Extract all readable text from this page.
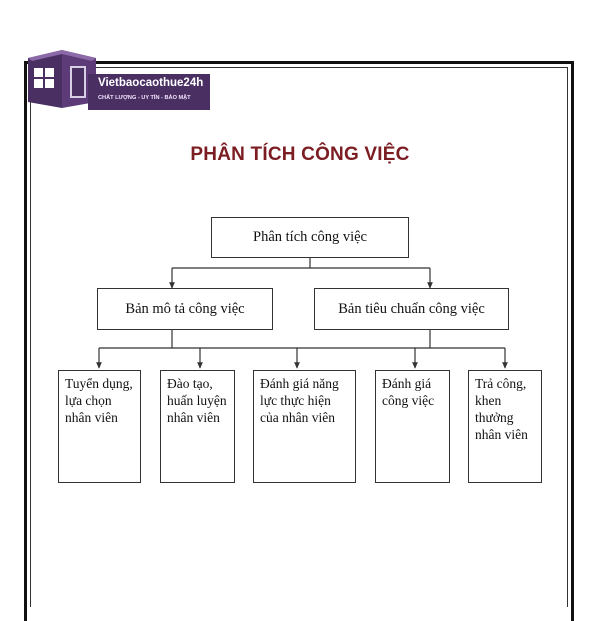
Vietbaocaothue24h
CHẤT LƯỢNG - UY TÍN - BẢO MẬT
PHÂN TÍCH CÔNG VIỆC
Phân tích công việc
Bản mô tả công việc	Bản tiêu chuẩn công việc
Tuyển dụng, lựa chọn nhân viên
Đào tạo, huấn luyện nhân viên
Đánh giá năng lực thực hiện của nhân viên
Đánh giá công việc
Trả công, khen thưởng nhân viên
